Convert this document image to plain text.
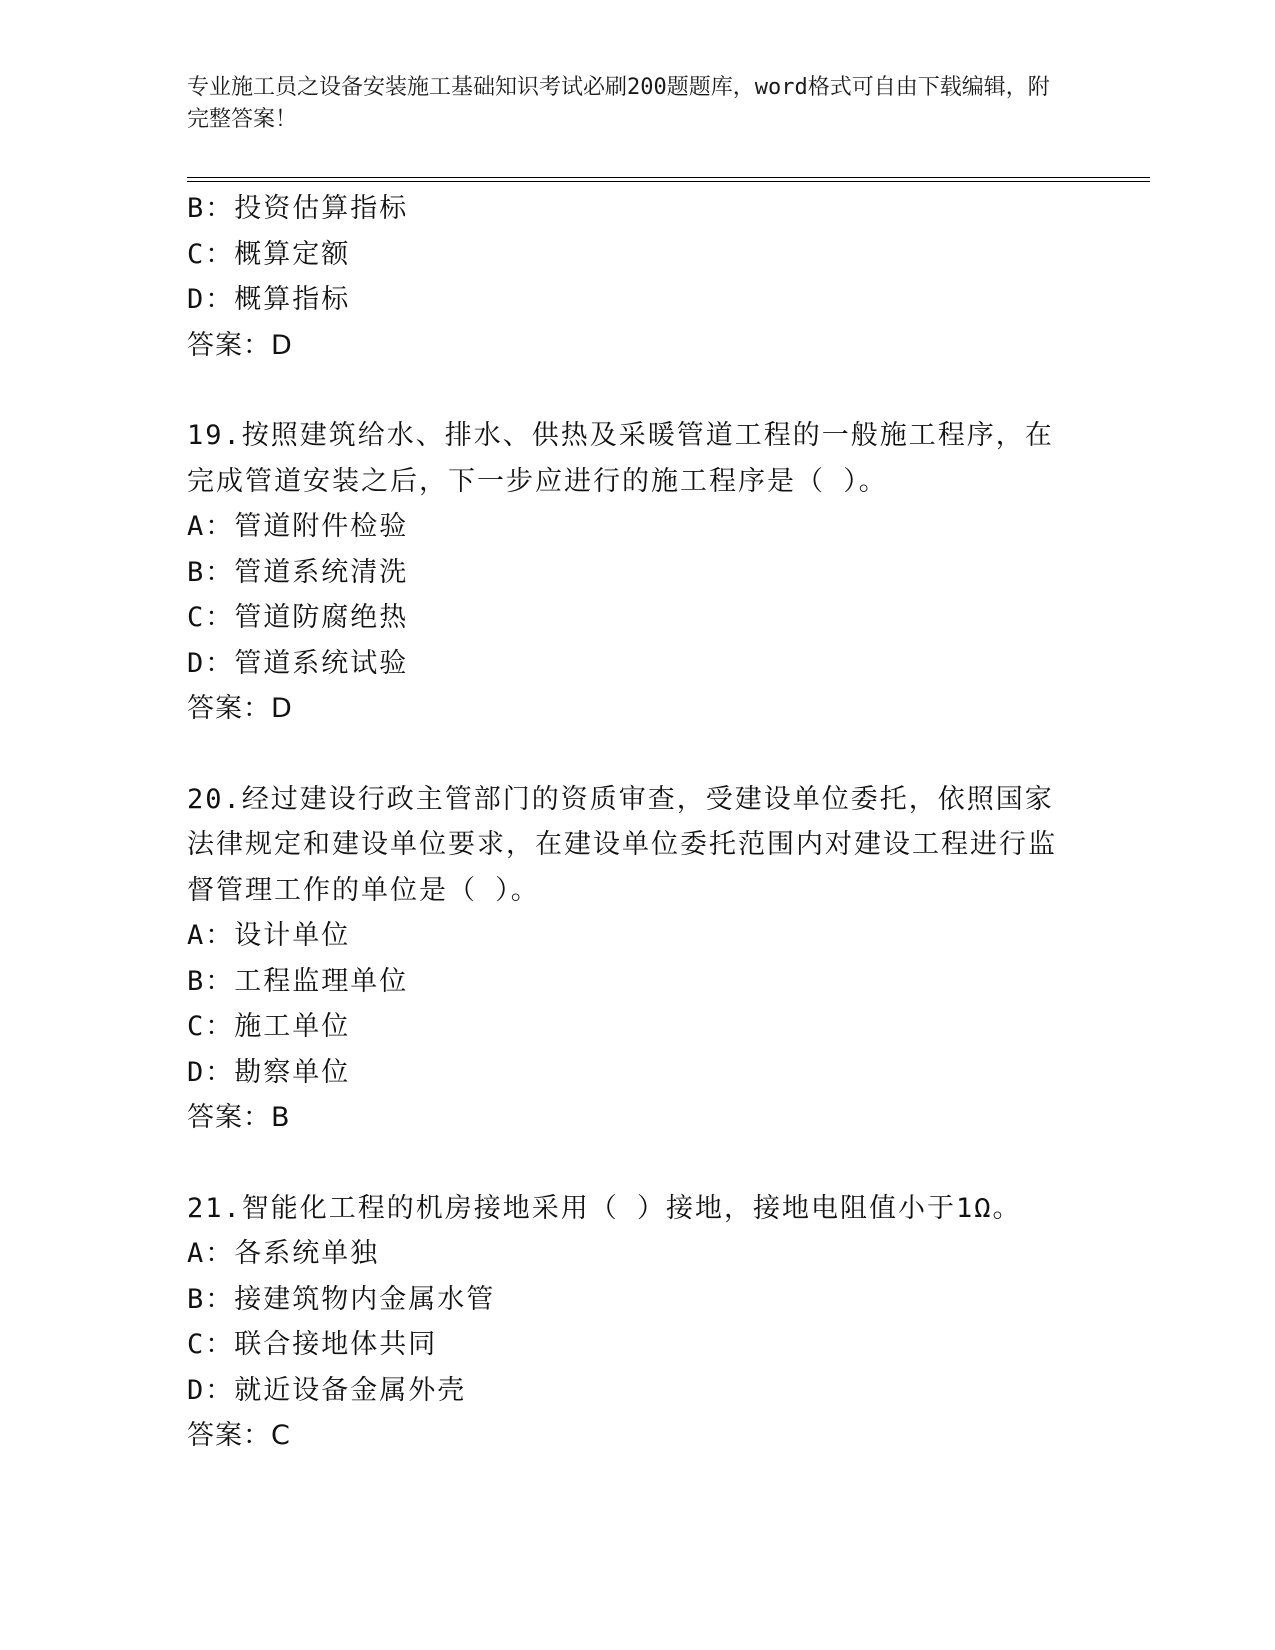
专业施工员之设备安装施工基础知识考试必刷200题题库，word格式可自由下载编辑，附完整答案！
B：投资估算指标
C：概算定额
D：概算指标
答案：D
19.按照建筑给水、排水、供热及采暖管道工程的一般施工程序，在完成管道安装之后，下一步应进行的施工程序是（ ）。
A：管道附件检验
B：管道系统清洗
C：管道防腐绝热
D：管道系统试验
答案：D
20.经过建设行政主管部门的资质审查，受建设单位委托，依照国家法律规定和建设单位要求，在建设单位委托范围内对建设工程进行监督管理工作的单位是（ ）。
A：设计单位
B：工程监理单位
C：施工单位
D：勘察单位
答案：B
21.智能化工程的机房接地采用（ ）接地，接地电阻值小于1Ω。
A：各系统单独
B：接建筑物内金属水管
C：联合接地体共同
D：就近设备金属外壳
答案：C
